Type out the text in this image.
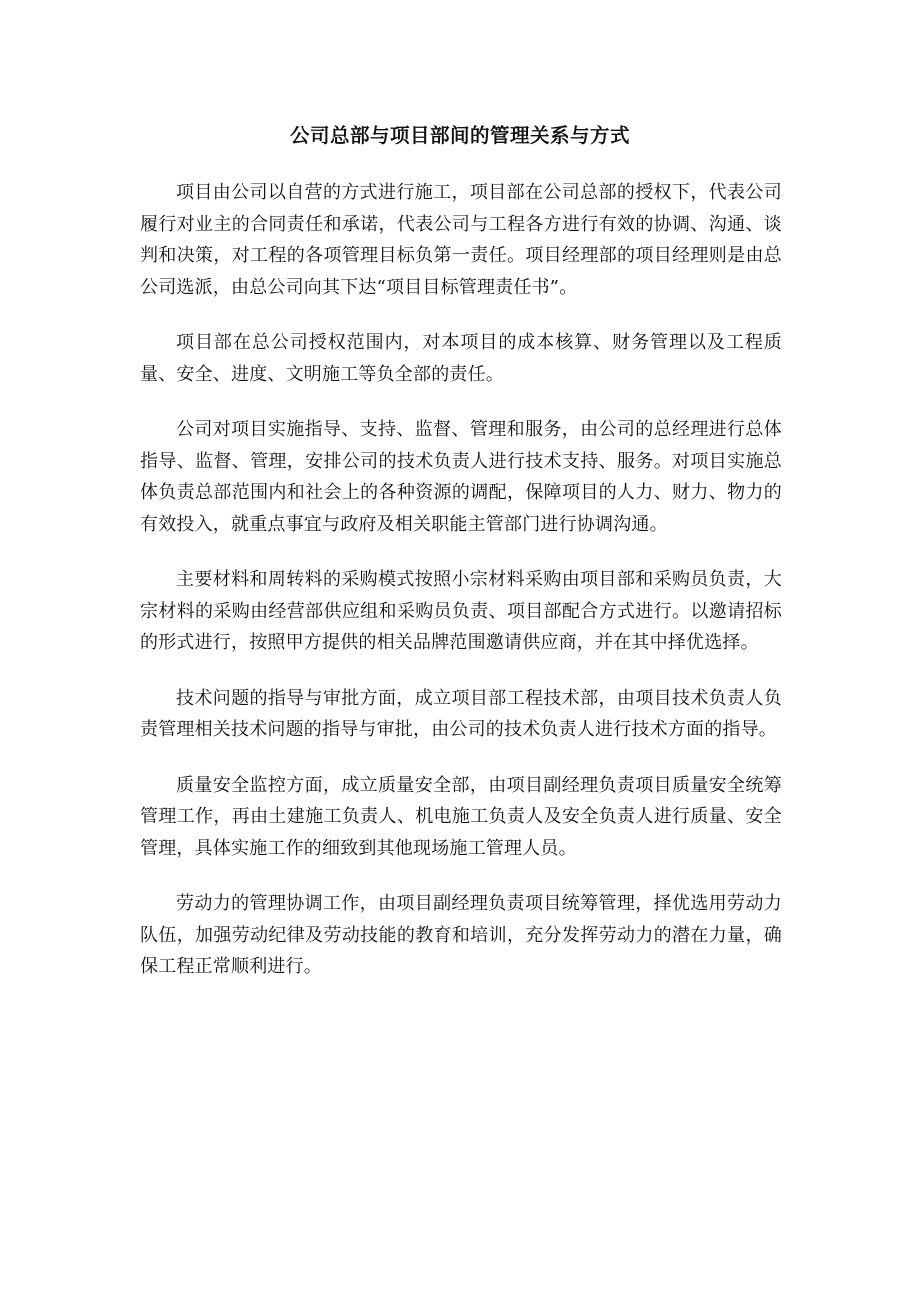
公司总部与项目部间的管理关系与方式

项目由公司以自营的方式进行施工，项目部在公司总部的授权下，代表公司履行对业主的合同责任和承诺，代表公司与工程各方进行有效的协调、沟通、谈判和决策，对工程的各项管理目标负第一责任。项目经理部的项目经理则是由总公司选派，由总公司向其下达“项目目标管理责任书”。

项目部在总公司授权范围内，对本项目的成本核算、财务管理以及工程质量、安全、进度、文明施工等负全部的责任。

公司对项目实施指导、支持、监督、管理和服务，由公司的总经理进行总体指导、监督、管理，安排公司的技术负责人进行技术支持、服务。对项目实施总体负责总部范围内和社会上的各种资源的调配，保障项目的人力、财力、物力的有效投入，就重点事宜与政府及相关职能主管部门进行协调沟通。

主要材料和周转料的采购模式按照小宗材料采购由项目部和采购员负责，大宗材料的采购由经营部供应组和采购员负责、项目部配合方式进行。以邀请招标的形式进行，按照甲方提供的相关品牌范围邀请供应商，并在其中择优选择。

技术问题的指导与审批方面，成立项目部工程技术部，由项目技术负责人负责管理相关技术问题的指导与审批，由公司的技术负责人进行技术方面的指导。

质量安全监控方面，成立质量安全部，由项目副经理负责项目质量安全统筹管理工作，再由土建施工负责人、机电施工负责人及安全负责人进行质量、安全管理，具体实施工作的细致到其他现场施工管理人员。

劳动力的管理协调工作，由项目副经理负责项目统筹管理，择优选用劳动力队伍，加强劳动纪律及劳动技能的教育和培训，充分发挥劳动力的潜在力量，确保工程正常顺利进行。
